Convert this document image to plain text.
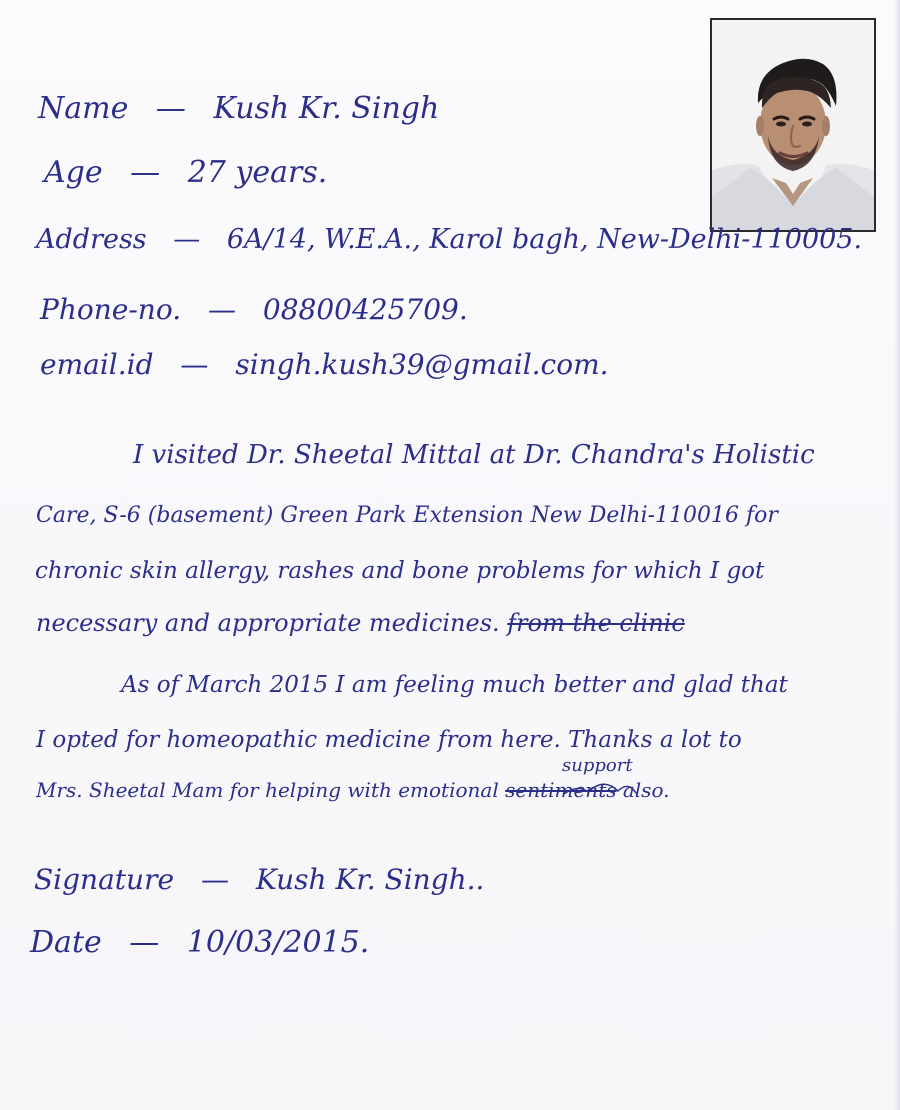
Name — Kush Kr. Singh
Age — 27 years.
Address — 6A/14, W.E.A., Karol bagh, New-Delhi-110005.
Phone-no. — 08800425709.
email.id — singh.kush39@gmail.com.
I visited Dr. Sheetal Mittal at Dr. Chandra's Holistic
Care, S-6 (basement) Green Park Extension New Delhi-110016 for
chronic skin allergy, rashes and bone problems for which I got
necessary and appropriate medicines. from the clinic
As of March 2015 I am feeling much better and glad that
I opted for homeopathic medicine from here. Thanks a lot to
support
Mrs. Sheetal Mam for helping with emotional sentiments also.
Signature — Kush Kr. Singh..
Date — 10/03/2015.
